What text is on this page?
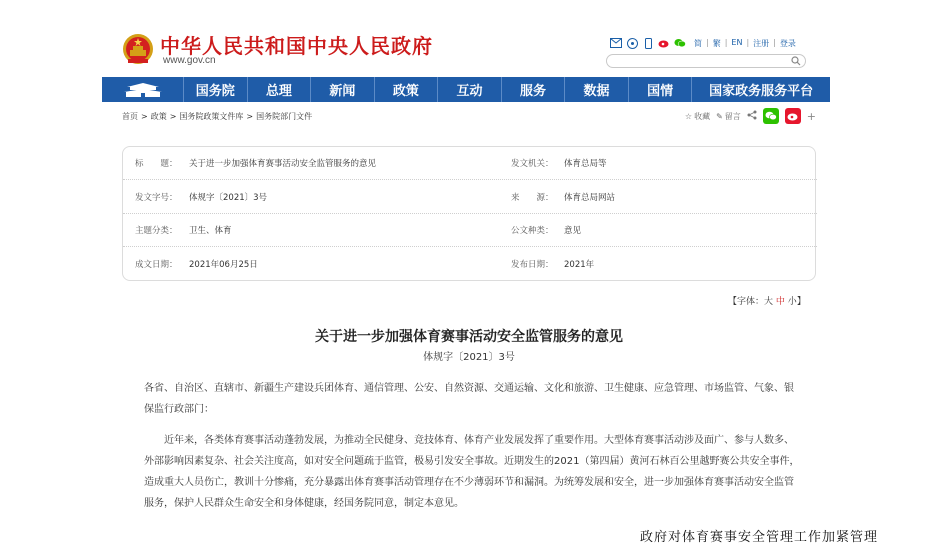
中华人民共和国中央人民政府
www.gov.cn
简 | 繁 | EN | 注册 | 登录
国务院	总理	新闻	政策	互动	服务	数据	国情	国家政务服务平台
首页 > 政策 > 国务院政策文件库 > 国务院部门文件	☆ 收藏 ✎ 留言	+
标　　题： 关于进一步加强体育赛事活动安全监管服务的意见	发文机关： 体育总局等
发文字号： 体规字〔2021〕3号	来　　源： 体育总局网站
主题分类： 卫生、体育	公文种类： 意见
成文日期： 2021年06月25日	发布日期： 2021年
【字体：大 中 小】
关于进一步加强体育赛事活动安全监管服务的意见
体规字〔2021〕3号

各省、自治区、直辖市、新疆生产建设兵团体育、通信管理、公安、自然资源、交通运输、文化和旅游、卫生健康、应急管理、市场监管、气象、银保监行政部门：

近年来，各类体育赛事活动蓬勃发展，为推动全民健身、竞技体育、体育产业发展发挥了重要作用。大型体育赛事活动涉及面广、参与人数多、外部影响因素复杂、社会关注度高，如对安全问题疏于监管，极易引发安全事故。近期发生的2021（第四届）黄河石林百公里越野赛公共安全事件，造成重大人员伤亡，教训十分惨痛，充分暴露出体育赛事活动管理存在不少薄弱环节和漏洞。为统筹发展和安全，进一步加强体育赛事活动安全监管服务，保护人民群众生命安全和身体健康，经国务院同意，制定本意见。

政府对体育赛事安全管理工作加紧管理
